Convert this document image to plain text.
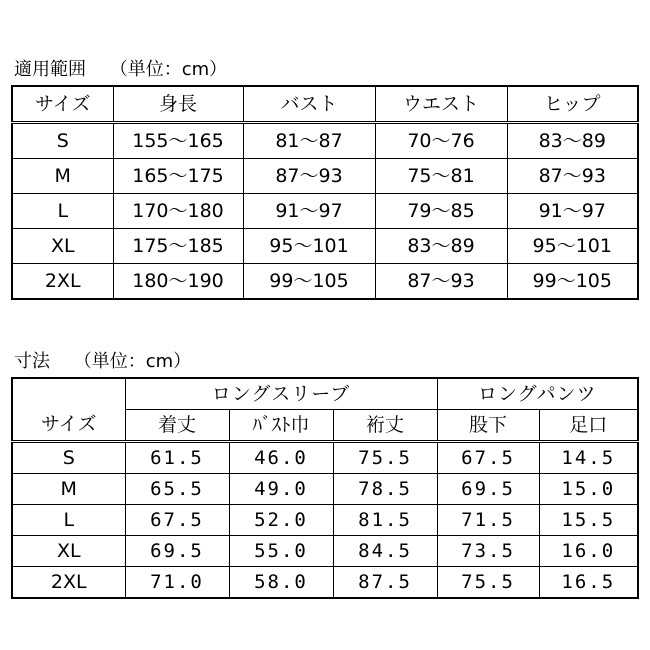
適用範囲　 （単位：cm）
サイズ	身長	バスト	ウエスト	ヒップ
S	155～165	81～87	70～76	83～89
M	165～175	87～93	75～81	87～93
L	170～180	91～97	79～85	91～97
XL	175～185	95～101	83～89	95～101
2XL	180～190	99～105	87～93	99～105
寸法　 （単位：cm）
	ロングスリーブ			ロングパンツ	
サイズ	着丈	ﾊﾞｽﾄ巾	裄丈	股下	足口
S	61.5	46.0	75.5	67.5	14.5
M	65.5	49.0	78.5	69.5	15.0
L	67.5	52.0	81.5	71.5	15.5
XL	69.5	55.0	84.5	73.5	16.0
2XL	71.0	58.0	87.5	75.5	16.5
